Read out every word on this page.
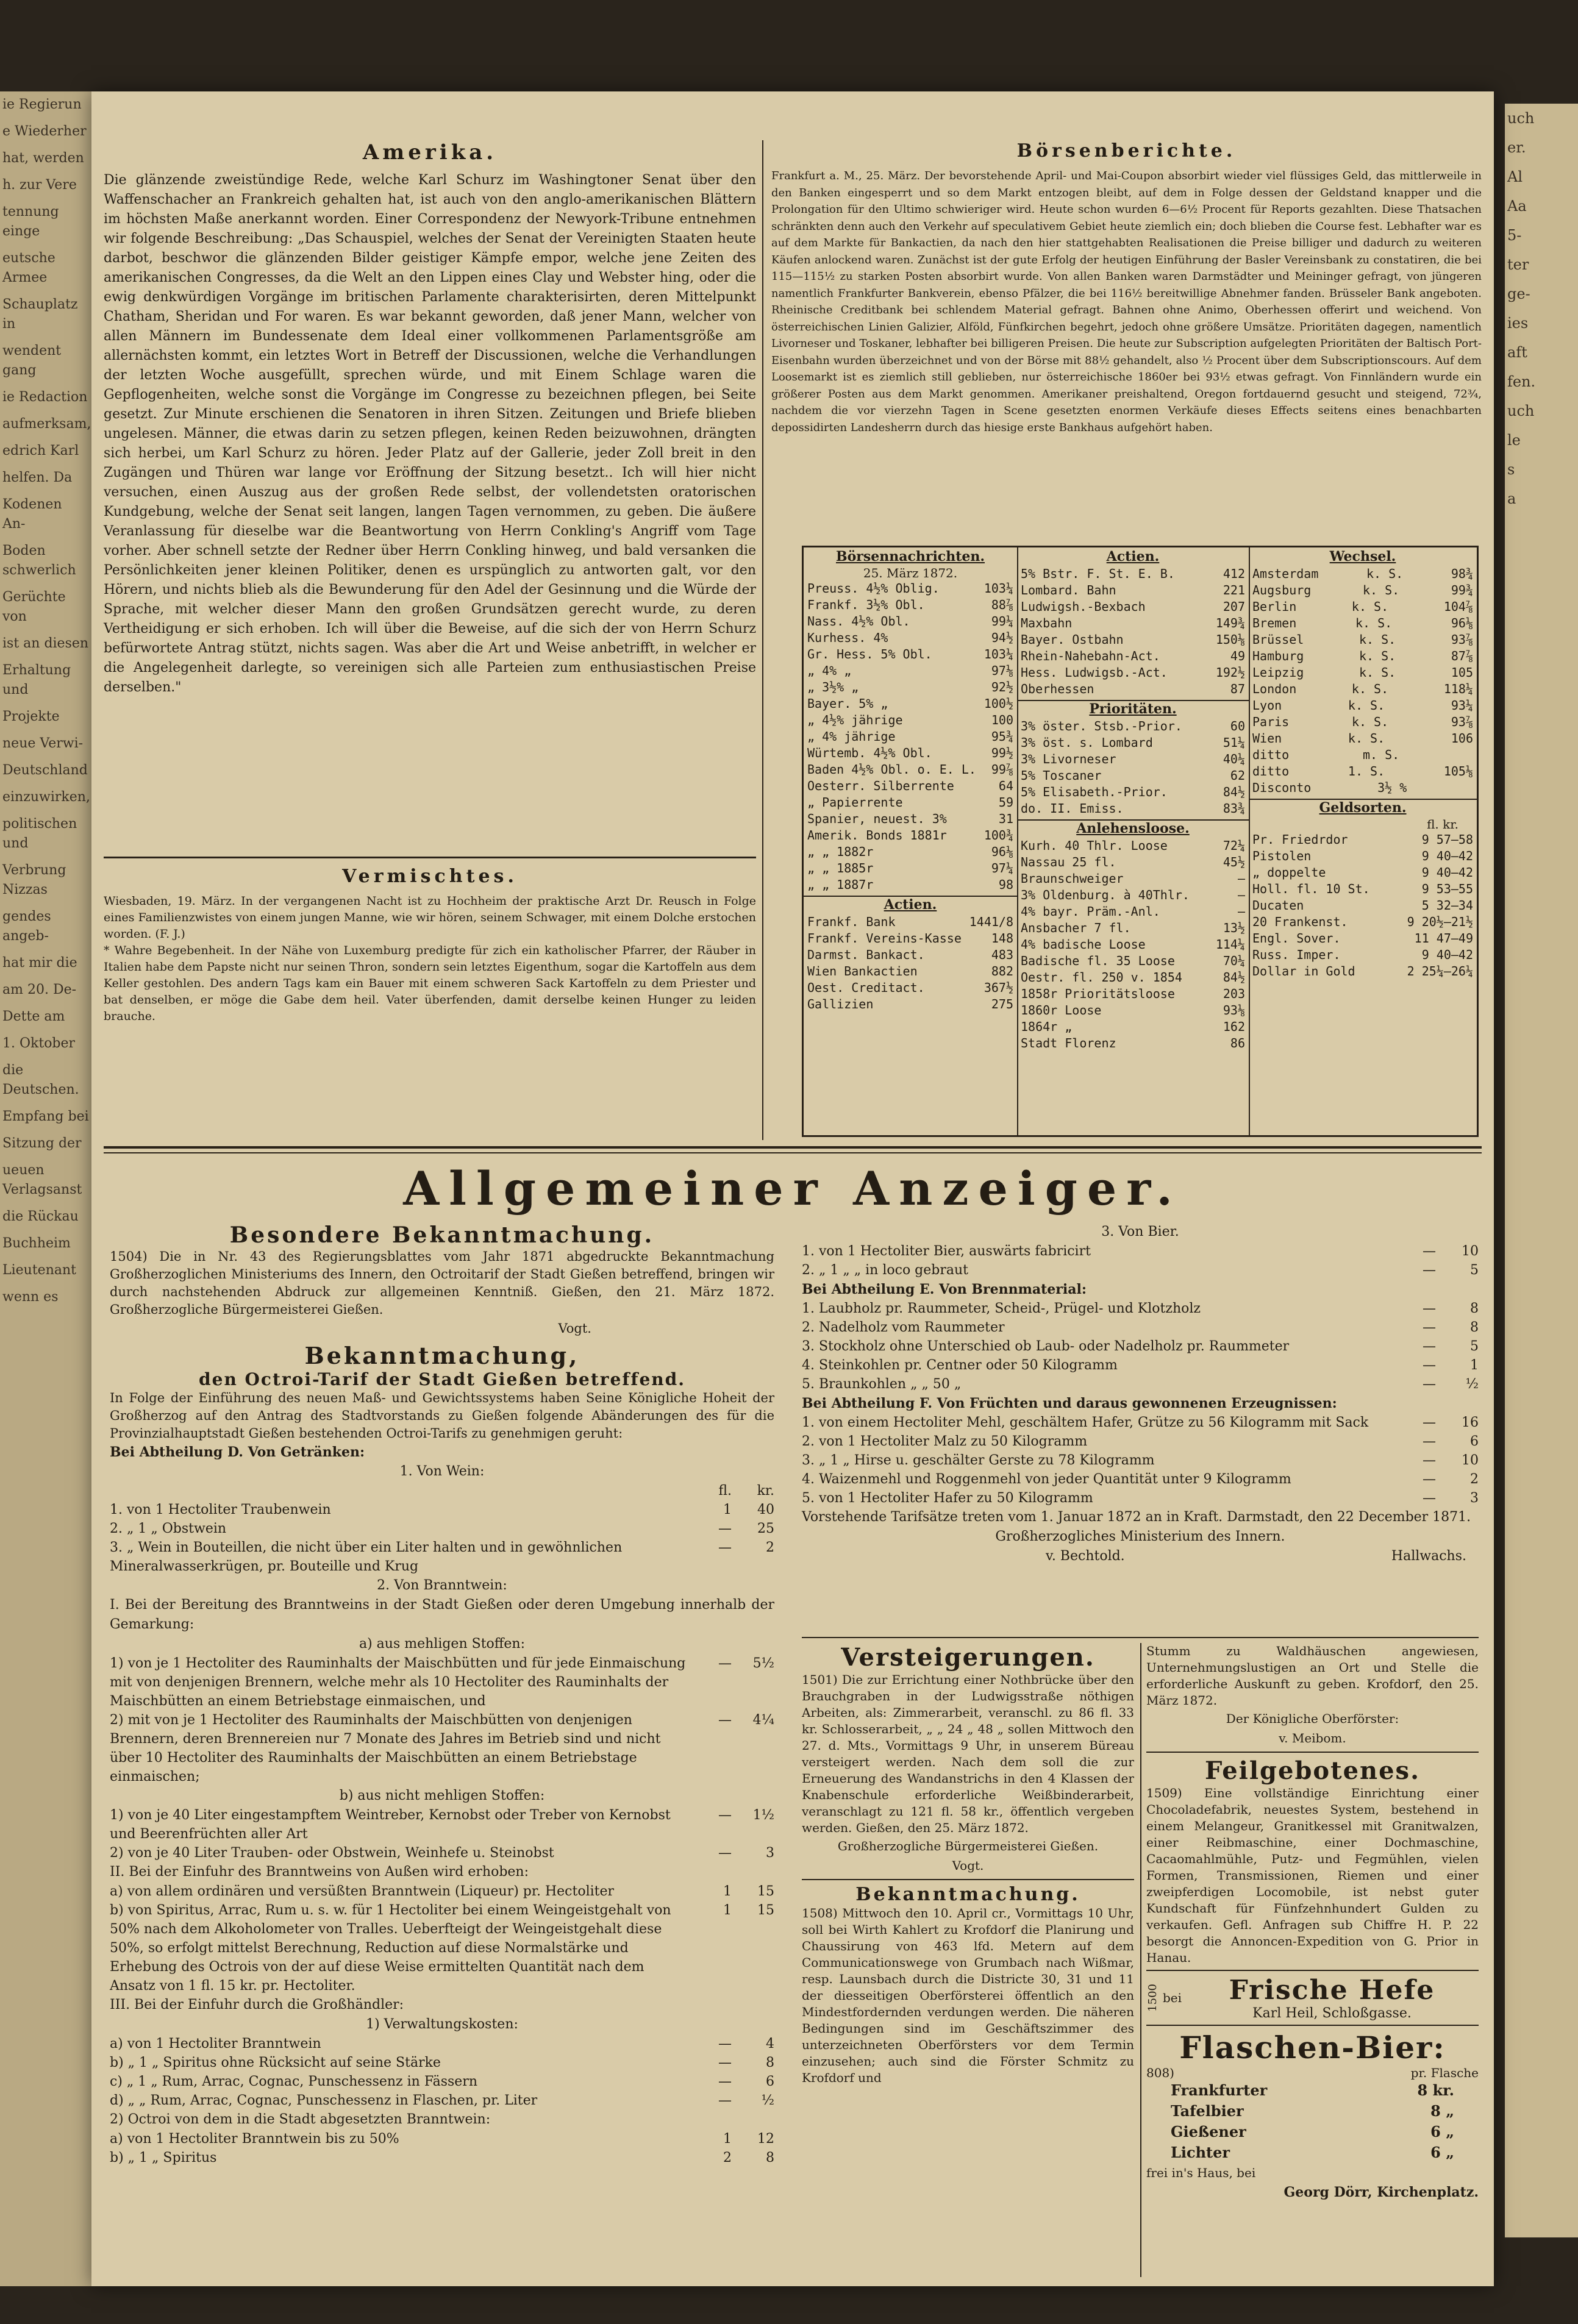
ie Regierun

e Wiederher

hat, werden

h. zur Vere

tennung einge

eutsche Armee

Schauplatz in

wendent gang

ie Redaction

aufmerksam,

edrich Karl

helfen. Da

Kodenen An-

Boden schwerlich

Gerüchte von

ist an diesen

Erhaltung und

Projekte

neue Verwi-

Deutschland

einzuwirken,

politischen und

Verbrung Nizzas

gendes angeb-

hat mir die

am 20. De-

Dette am

1. Oktober

die Deutschen.

Empfang bei

Sitzung der

ueuen Verlagsanst

die Rückau

Buchheim

Lieutenant

wenn es

uch

er.

Al

Aa

5-

ter

ge-

ies

aft

fen.

uch

le

s

a

Amerika.

Die glänzende zweistündige Rede, welche Karl Schurz im Washingtoner Senat über den Waffenschacher an Frankreich gehalten hat, ist auch von den anglo-amerikanischen Blättern im höchsten Maße anerkannt worden. Einer Correspondenz der Newyork-Tribune entnehmen wir folgende Beschreibung: „Das Schauspiel, welches der Senat der Vereinigten Staaten heute darbot, beschwor die glänzenden Bilder geistiger Kämpfe empor, welche jene Zeiten des amerikanischen Congresses, da die Welt an den Lippen eines Clay und Webster hing, oder die ewig denkwürdigen Vorgänge im britischen Parlamente charakterisirten, deren Mittelpunkt Chatham, Sheridan und For waren. Es war bekannt geworden, daß jener Mann, welcher von allen Männern im Bundessenate dem Ideal einer vollkommenen Parlamentsgröße am allernächsten kommt, ein letztes Wort in Betreff der Discussionen, welche die Verhandlungen der letzten Woche ausgefüllt, sprechen würde, und mit Einem Schlage waren die Gepflogenheiten, welche sonst die Vorgänge im Congresse zu bezeichnen pflegen, bei Seite gesetzt. Zur Minute erschienen die Senatoren in ihren Sitzen. Zeitungen und Briefe blieben ungelesen. Männer, die etwas darin zu setzen pflegen, keinen Reden beizuwohnen, drängten sich herbei, um Karl Schurz zu hören. Jeder Platz auf der Gallerie, jeder Zoll breit in den Zugängen und Thüren war lange vor Eröffnung der Sitzung besetzt.. Ich will hier nicht versuchen, einen Auszug aus der großen Rede selbst, der vollendetsten oratorischen Kundgebung, welche der Senat seit langen, langen Tagen vernommen, zu geben. Die äußere Veranlassung für dieselbe war die Beantwortung von Herrn Conkling's Angriff vom Tage vorher. Aber schnell setzte der Redner über Herrn Conkling hinweg, und bald versanken die Persönlichkeiten jener kleinen Politiker, denen es urspünglich zu antworten galt, vor den Hörern, und nichts blieb als die Bewunderung für den Adel der Gesinnung und die Würde der Sprache, mit welcher dieser Mann den großen Grundsätzen gerecht wurde, zu deren Vertheidigung er sich erhoben. Ich will über die Beweise, auf die sich der von Herrn Schurz befürwortete Antrag stützt, nichts sagen. Was aber die Art und Weise anbetrifft, in welcher er die Angelegenheit darlegte, so vereinigen sich alle Parteien zum enthusiastischen Preise derselben."

Vermischtes.

Wiesbaden, 19. März. In der vergangenen Nacht ist zu Hochheim der praktische Arzt Dr. Reusch in Folge eines Familienzwistes von einem jungen Manne, wie wir hören, seinem Schwager, mit einem Dolche erstochen worden. (F. J.)

* Wahre Begebenheit. In der Nähe von Luxemburg predigte für zich ein katholischer Pfarrer, der Räuber in Italien habe dem Papste nicht nur seinen Thron, sondern sein letztes Eigenthum, sogar die Kartoffeln aus dem Keller gestohlen. Des andern Tags kam ein Bauer mit einem schweren Sack Kartoffeln zu dem Priester und bat denselben, er möge die Gabe dem heil. Vater überfenden, damit derselbe keinen Hunger zu leiden brauche.

Börsenberichte.

Frankfurt a. M., 25. März. Der bevorstehende April- und Mai-Coupon absorbirt wieder viel flüssiges Geld, das mittlerweile in den Banken eingesperrt und so dem Markt entzogen bleibt, auf dem in Folge dessen der Geldstand knapper und die Prolongation für den Ultimo schwieriger wird. Heute schon wurden 6—6½ Procent für Reports gezahlten. Diese Thatsachen schränkten denn auch den Verkehr auf speculativem Gebiet heute ziemlich ein; doch blieben die Course fest. Lebhafter war es auf dem Markte für Bankactien, da nach den hier stattgehabten Realisationen die Preise billiger und dadurch zu weiteren Käufen anlockend waren. Zunächst ist der gute Erfolg der heutigen Einführung der Basler Vereinsbank zu constatiren, die bei 115—115½ zu starken Posten absorbirt wurde. Von allen Banken waren Darmstädter und Meininger gefragt, von jüngeren namentlich Frankfurter Bankverein, ebenso Pfälzer, die bei 116½ bereitwillige Abnehmer fanden. Brüsseler Bank angeboten. Rheinische Creditbank bei schlendem Material gefragt. Bahnen ohne Animo, Oberhessen offerirt und weichend. Von österreichischen Linien Galizier, Alföld, Fünfkirchen begehrt, jedoch ohne größere Umsätze. Prioritäten dagegen, namentlich Livorneser und Toskaner, lebhafter bei billigeren Preisen. Die heute zur Subscription aufgelegten Prioritäten der Baltisch Port-Eisenbahn wurden überzeichnet und von der Börse mit 88½ gehandelt, also ½ Procent über dem Subscriptionscours. Auf dem Loosemarkt ist es ziemlich still geblieben, nur österreichische 1860er bei 93½ etwas gefragt. Von Finnländern wurde ein größerer Posten aus dem Markt genommen. Amerikaner preishaltend, Oregon fortdauernd gesucht und steigend, 72¾, nachdem die vor vierzehn Tagen in Scene gesetzten enormen Verkäufe dieses Effects seitens eines benachbarten depossidirten Landesherrn durch das hiesige erste Bankhaus aufgehört haben.

Börsennachrichten.
25. März 1872.
Preuss. 4½% Oblig.	103¼
Frankf. 3½% Obl.	88⅞
Nass. 4½% Obl.	99¼
Kurhess. 4%	94½
Gr. Hess. 5% Obl.	103¼
„ 4% „	97⅛
„ 3½% „	92½
Bayer. 5% „	100½
„ 4½% jährige	100
„ 4% jährige	95¾
Würtemb. 4½% Obl.	99½
Baden 4½% Obl. o. E. L. 99⅞
Oesterr. Silberrente	64
„ Papierrente	59
Spanier, neuest. 3%	31
Amerik. Bonds 1881r	100¾
„ „ 1882r	96⅛
„ „ 1885r	97¼
„ „ 1887r	98
Actien.
Frankf. Bank	1441/8
Frankf. Vereins-Kasse 148
Darmst. Bankact.	483
Wien Bankactien	882
Oest. Creditact.	367½
Gallizien	275
Actien.
5% Bstr. F. St. E. B.	412
Lombard. Bahn	221
Ludwigsh.-Bexbach	207
Maxbahn	149¾
Bayer. Ostbahn	150⅛
Rhein-Nahebahn-Act.	49
Hess. Ludwigsb.-Act.	192½
Oberhessen	87
Prioritäten.
3% öster. Stsb.-Prior.	60
3% öst. s. Lombard	51¼
3% Livorneser	40¼
5% Toscaner	62
5% Elisabeth.-Prior.	84½
do. II. Emiss.	83¾
Anlehensloose.
Kurh. 40 Thlr. Loose	72¼
Nassau 25 fl.	45½
Braunschweiger	—
3% Oldenburg. à 40Thlr.	—
4% bayr. Präm.-Anl.	—
Ansbacher 7 fl.	13½
4% badische Loose	114¼
Badische fl. 35 Loose	70¼
Oestr. fl. 250 v. 1854	84½
1858r Prioritätsloose	203
1860r Loose	93⅛
1864r „	162
Stadt Florenz	86
Wechsel.
Amsterdam	k. S.	98¾
Augsburg	k. S.	99¾
Berlin	k. S.	104⅞
Bremen	k. S.	96⅛
Brüssel	k. S.	93⅞
Hamburg	k. S.	87⅞
Leipzig	k. S.	105
London	k. S.	118¼
Lyon	k. S.	93¼
Paris	k. S.	93⅞
Wien	k. S.	106
ditto	m. S.
ditto	1. S.	105⅛
Disconto	3½ %
Geldsorten.
fl. kr.
Pr. Friedrdor	9 57—58
Pistolen	9 40—42
„ doppelte	9 40—42
Holl. fl. 10 St.	9 53—55
Ducaten	5 32—34
20 Frankenst.	9 20½—21½
Engl. Sover.	11 47—49
Russ. Imper.	9 40—42
Dollar in Gold	2 25¼—26¼
Allgemeiner Anzeiger.
Besondere Bekanntmachung.

1504) Die in Nr. 43 des Regierungsblattes vom Jahr 1871 abgedruckte Bekanntmachung Großherzoglichen Ministeriums des Innern, den Octroitarif der Stadt Gießen betreffend, bringen wir durch nachstehenden Abdruck zur allgemeinen Kenntniß. Gießen, den 21. März 1872. Großherzogliche Bürgermeisterei Gießen.

Vogt.

Bekanntmachung,
den Octroi-Tarif der Stadt Gießen betreffend.

In Folge der Einführung des neuen Maß- und Gewichtssystems haben Seine Königliche Hoheit der Großherzog auf den Antrag des Stadtvorstands zu Gießen folgende Abänderungen des für die Provinzialhauptstadt Gießen bestehenden Octroi-Tarifs zu genehmigen geruht:

Bei Abtheilung D. Von Getränken:

1. Von Wein:

fl.	kr.
1. von 1 Hectoliter Traubenwein	1	40
2. „ 1 „ Obstwein	—	25
3. „ Wein in Bouteillen, die nicht über ein Liter halten und in gewöhnlichen Mineralwasserkrügen, pr. Bouteille und Krug
—	2

2. Von Branntwein:

I. Bei der Bereitung des Branntweins in der Stadt Gießen oder deren Umgebung innerhalb der Gemarkung:

a) aus mehligen Stoffen:

1) von je 1 Hectoliter des Rauminhalts der Maischbütten und für jede Einmaischung mit von denjenigen Brennern, welche mehr als 10 Hectoliter des Rauminhalts der Maischbütten an einem Betriebstage einmaischen, und
—	5½
2) mit von je 1 Hectoliter des Rauminhalts der Maischbütten von denjenigen Brennern, deren Brennereien nur 7 Monate des Jahres im Betrieb sind und nicht über 10 Hectoliter des Rauminhalts der Maischbütten an einem Betriebstage einmaischen;
—	4¼

b) aus nicht mehligen Stoffen:

1) von je 40 Liter eingestampftem Weintreber, Kernobst oder Treber von Kernobst und Beerenfrüchten aller Art
—	1½
2) von je 40 Liter Trauben- oder Obstwein, Weinhefe u. Steinobst	—	3

II. Bei der Einfuhr des Branntweins von Außen wird erhoben:

a) von allem ordinären und versüßten Branntwein (Liqueur) pr. Hectoliter	1	15
b) von Spiritus, Arrac, Rum u. s. w. für 1 Hectoliter bei einem Weingeistgehalt von 50% nach dem Alkoholometer von Tralles. Ueberfteigt der Weingeistgehalt diese 50%, so erfolgt mittelst Berechnung, Reduction auf diese Normalstärke und Erhebung des Octrois von der auf diese Weise ermittelten Quantität nach dem Ansatz von 1 fl. 15 kr. pr. Hectoliter.
1	15

III. Bei der Einfuhr durch die Großhändler:

1) Verwaltungskosten:

a) von 1 Hectoliter Branntwein	—	4
b) „ 1 „ Spiritus ohne Rücksicht auf seine Stärke	—	8
c) „ 1 „ Rum, Arrac, Cognac, Punschessenz in Fässern	—	6
d) „ „ Rum, Arrac, Cognac, Punschessenz in Flaschen, pr. Liter	—	½

2) Octroi von dem in die Stadt abgesetzten Branntwein:

a) von 1 Hectoliter Branntwein bis zu 50%	1	12
b) „ 1 „ Spiritus	2	8

3. Von Bier.

1. von 1 Hectoliter Bier, auswärts fabricirt	—	10
2. „ 1 „ „ in loco gebraut	—	5

Bei Abtheilung E. Von Brennmaterial:

1. Laubholz pr. Raummeter, Scheid-, Prügel- und Klotzholz	—	8
2. Nadelholz vom Raummeter	—	8
3. Stockholz ohne Unterschied ob Laub- oder Nadelholz pr. Raummeter	—	5
4. Steinkohlen pr. Centner oder 50 Kilogramm	—	1
5. Braunkohlen „ „ 50 „	—	½

Bei Abtheilung F. Von Früchten und daraus gewonnenen Erzeugnissen:

1. von einem Hectoliter Mehl, geschältem Hafer, Grütze zu 56 Kilogramm mit Sack	—	16
2. von 1 Hectoliter Malz zu 50 Kilogramm	—	6
3. „ 1 „ Hirse u. geschälter Gerste zu 78 Kilogramm	—	10
4. Waizenmehl und Roggenmehl von jeder Quantität unter 9 Kilogramm	—	2
5. von 1 Hectoliter Hafer zu 50 Kilogramm	—	3

Vorstehende Tarifsätze treten vom 1. Januar 1872 an in Kraft. Darmstadt, den 22 December 1871.

Großherzogliches Ministerium des Innern.

v. Bechtold.	Hallwachs.
Versteigerungen.

1501) Die zur Errichtung einer Nothbrücke über den Brauchgraben in der Ludwigsstraße nöthigen Arbeiten, als: Zimmerarbeit, veranschl. zu 86 fl. 33 kr. Schlosserarbeit, „ „ 24 „ 48 „ sollen Mittwoch den 27. d. Mts., Vormittags 9 Uhr, in unserem Büreau versteigert werden. Nach dem soll die zur Erneuerung des Wandanstrichs in den 4 Klassen der Knabenschule erforderliche Weißbinderarbeit, veranschlagt zu 121 fl. 58 kr., öffentlich vergeben werden. Gießen, den 25. März 1872.

Großherzogliche Bürgermeisterei Gießen.

Vogt.

Bekanntmachung.

1508) Mittwoch den 10. April cr., Vormittags 10 Uhr, soll bei Wirth Kahlert zu Krofdorf die Planirung und Chaussirung von 463 lfd. Metern auf dem Communicationswege von Grumbach nach Wißmar, resp. Launsbach durch die Districte 30, 31 und 11 der diesseitigen Oberförsterei öffentlich an den Mindestfordernden verdungen werden. Die näheren Bedingungen sind im Geschäftszimmer des unterzeichneten Oberförsters vor dem Termin einzusehen; auch sind die Förster Schmitz zu Krofdorf und

Stumm zu Waldhäuschen angewiesen, Unternehmungslustigen an Ort und Stelle die erforderliche Auskunft zu geben. Krofdorf, den 25. März 1872.

Der Königliche Oberförster:

v. Meibom.

Feilgebotenes.

1509) Eine vollständige Einrichtung einer Chocoladefabrik, neuestes System, bestehend in einem Melangeur, Granitkessel mit Granitwalzen, einer Reibmaschine, einer Dochmaschine, Cacaomahlmühle, Putz- und Fegmühlen, vielen Formen, Transmissionen, Riemen und einer zweipferdigen Locomobile, ist nebst guter Kundschaft für Fünfzehnhundert Gulden zu verkaufen. Gefl. Anfragen sub Chiffre H. P. 22 besorgt die Annoncen-Expedition von G. Prior in Hanau.

1500 bei	Frische Hefe
Karl Heil, Schloßgasse.
Flaschen-Bier:
808)	pr. Flasche
Frankfurter	8 kr.
Tafelbier	8 „
Gießener	6 „
Lichter	6 „

frei in's Haus, bei

Georg Dörr, Kirchenplatz.
